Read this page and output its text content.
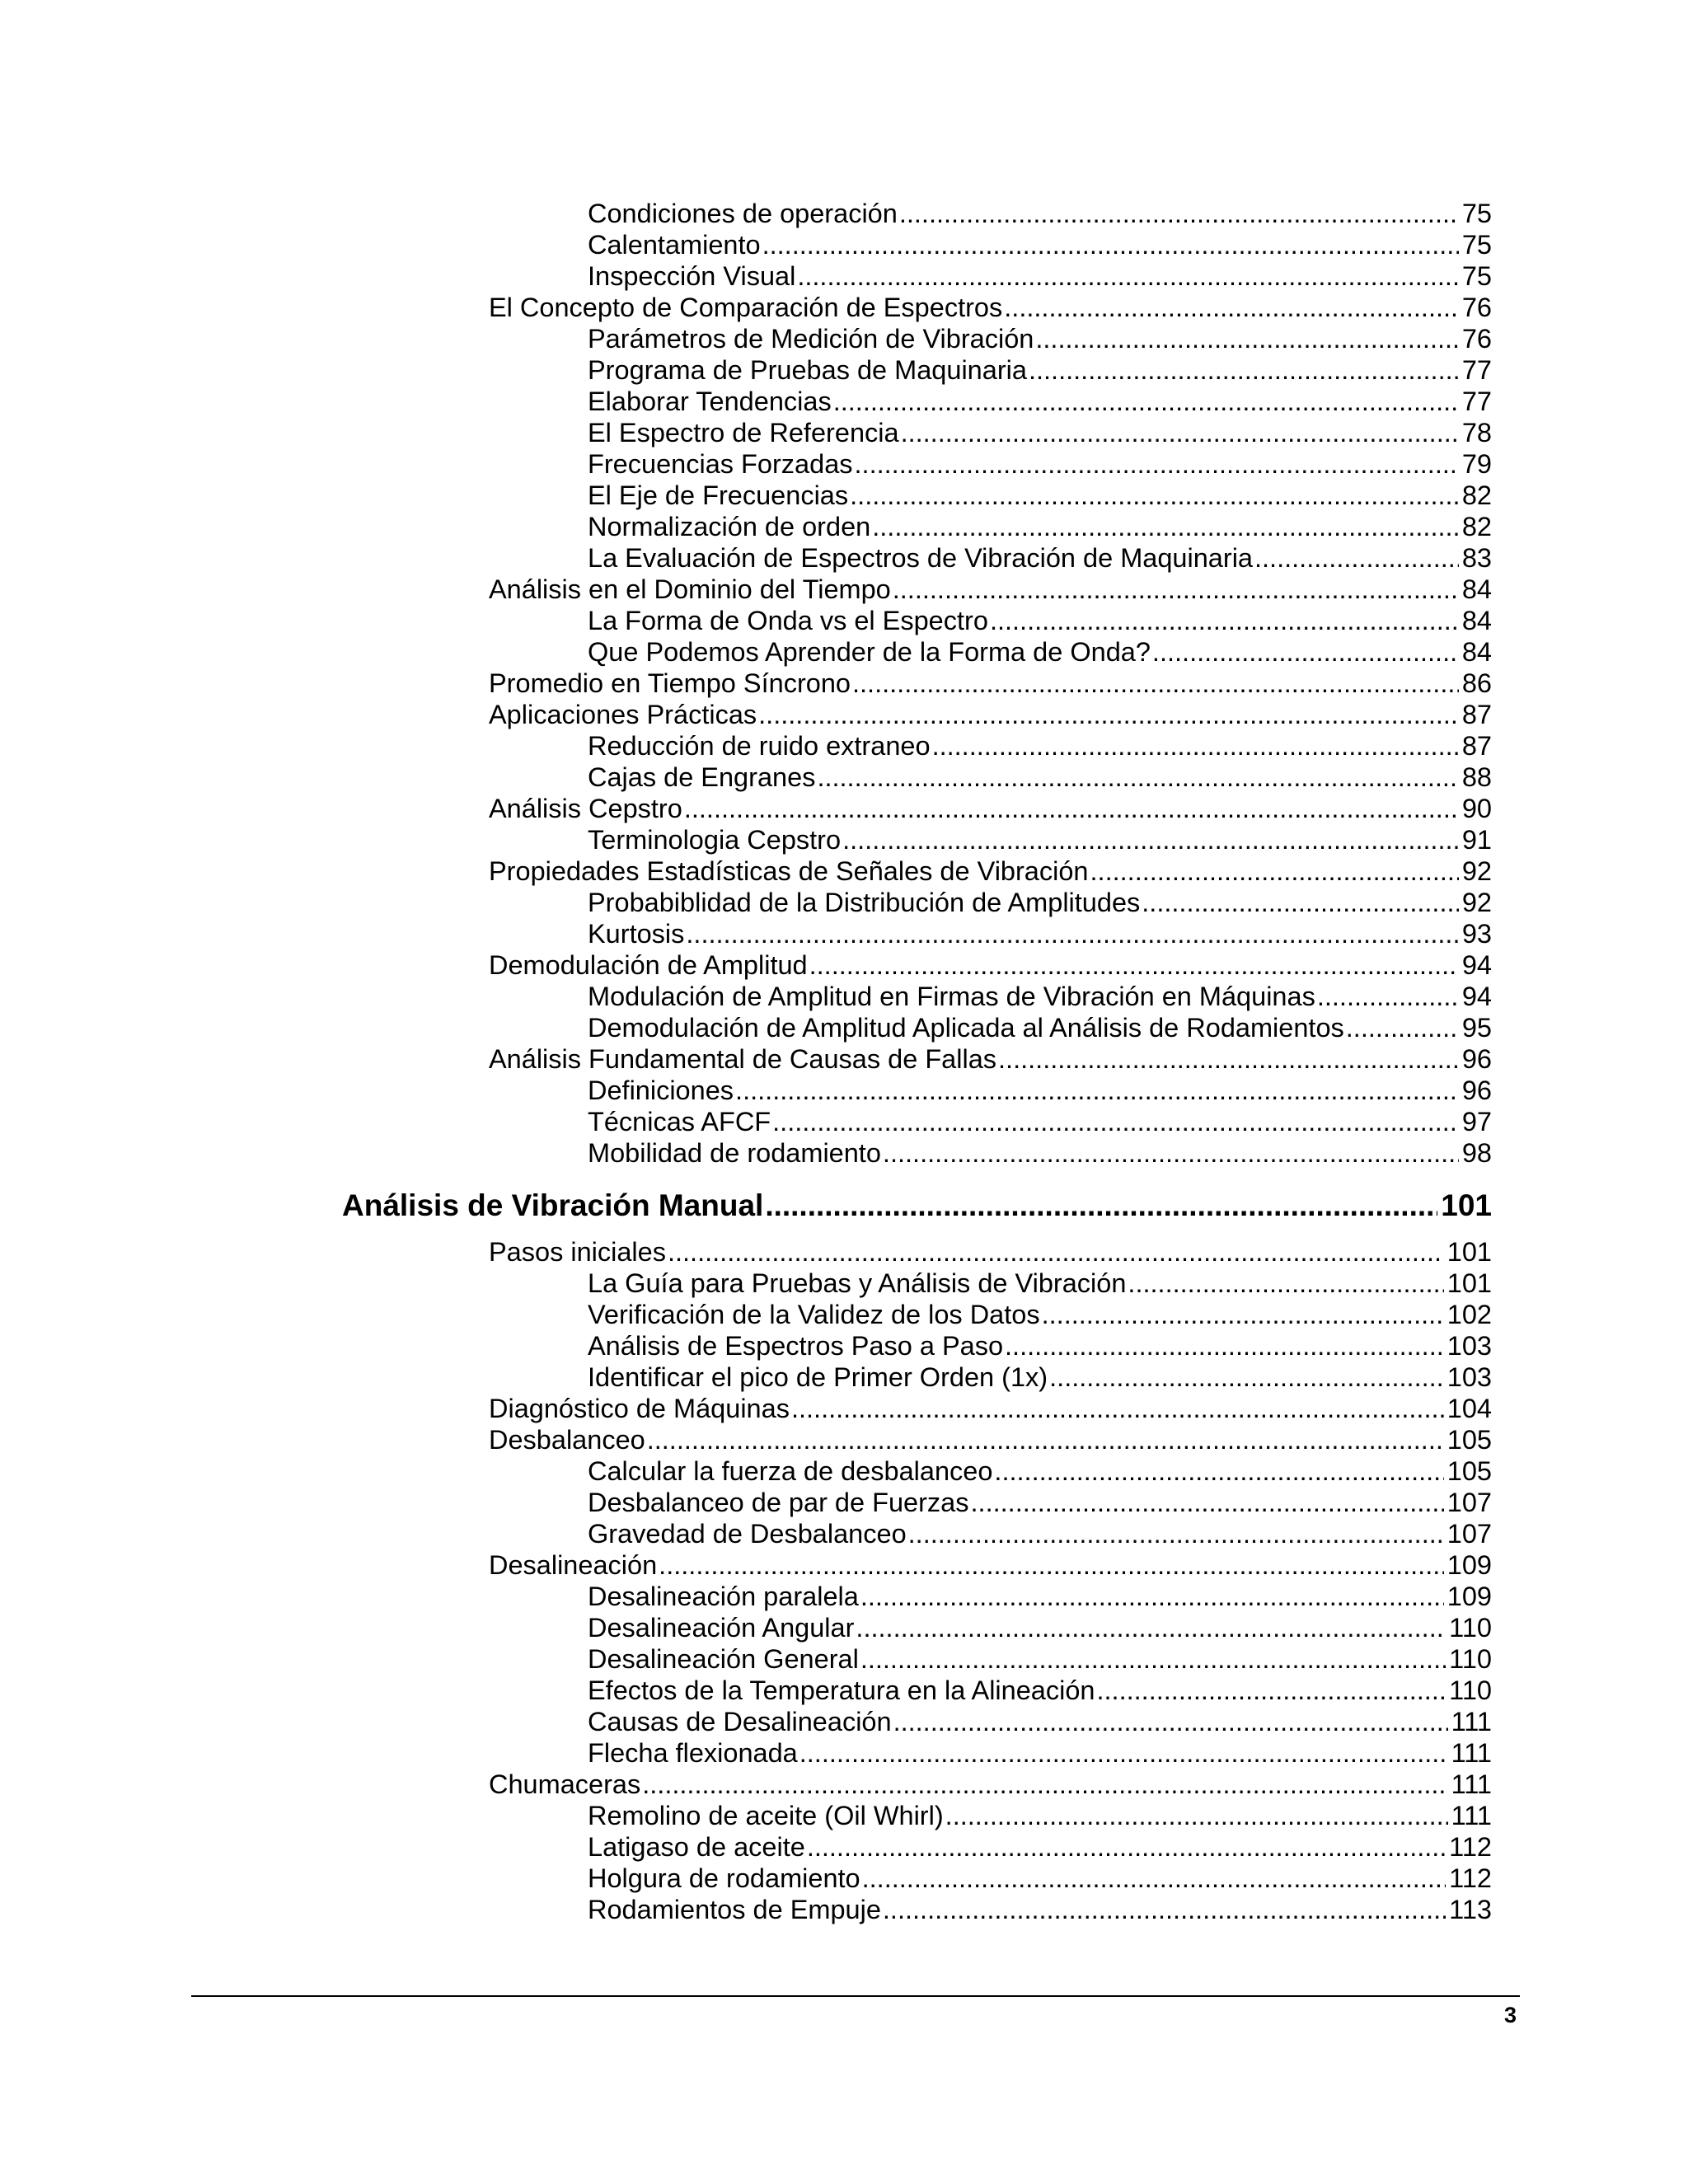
Condiciones de operación .....	75
Calentamiento .....	75
Inspección Visual .....	75
El Concepto de Comparación de Espectros .....	76
Parámetros de Medición de Vibración .....	76
Programa de Pruebas de Maquinaria .....	77
Elaborar Tendencias .....	77
El Espectro de Referencia .....	78
Frecuencias Forzadas .....	79
El Eje de Frecuencias .....	82
Normalización de orden .....	82
La Evaluación de Espectros de Vibración de Maquinaria .....	83
Análisis en el Dominio del Tiempo .....	84
La Forma de Onda vs el Espectro .....	84
Que Podemos Aprender de la Forma de Onda? .....	84
Promedio en Tiempo Síncrono .....	86
Aplicaciones Prácticas .....	87
Reducción de ruido extraneo .....	87
Cajas de Engranes .....	88
Análisis Cepstro .....	90
Terminologia Cepstro .....	91
Propiedades Estadísticas de Señales de Vibración .....	92
Probabiblidad de la Distribución de Amplitudes .....	92
Kurtosis .....	93
Demodulación de Amplitud .....	94
Modulación de Amplitud en Firmas de Vibración en Máquinas .....	94
Demodulación de Amplitud Aplicada al Análisis de Rodamientos .....	95
Análisis Fundamental de Causas de Fallas .....	96
Definiciones .....	96
Técnicas AFCF .....	97
Mobilidad de rodamiento .....	98
Análisis de Vibración Manual .....	101
Pasos iniciales .....	101
La Guía para Pruebas y Análisis de Vibración .....	101
Verificación de la Validez de los Datos .....	102
Análisis de Espectros Paso a Paso .....	103
Identificar el pico de Primer Orden (1x) .....	103
Diagnóstico de Máquinas .....	104
Desbalanceo .....	105
Calcular la fuerza de desbalanceo .....	105
Desbalanceo de par de Fuerzas .....	107
Gravedad de Desbalanceo .....	107
Desalineación .....	109
Desalineación paralela .....	109
Desalineación Angular .....	110
Desalineación General .....	110
Efectos de la Temperatura en la Alineación .....	110
Causas de Desalineación .....	111
Flecha flexionada .....	111
Chumaceras .....	111
Remolino de aceite (Oil Whirl) .....	111
Latigaso de aceite .....	112
Holgura de rodamiento .....	112
Rodamientos de Empuje .....	113
3
